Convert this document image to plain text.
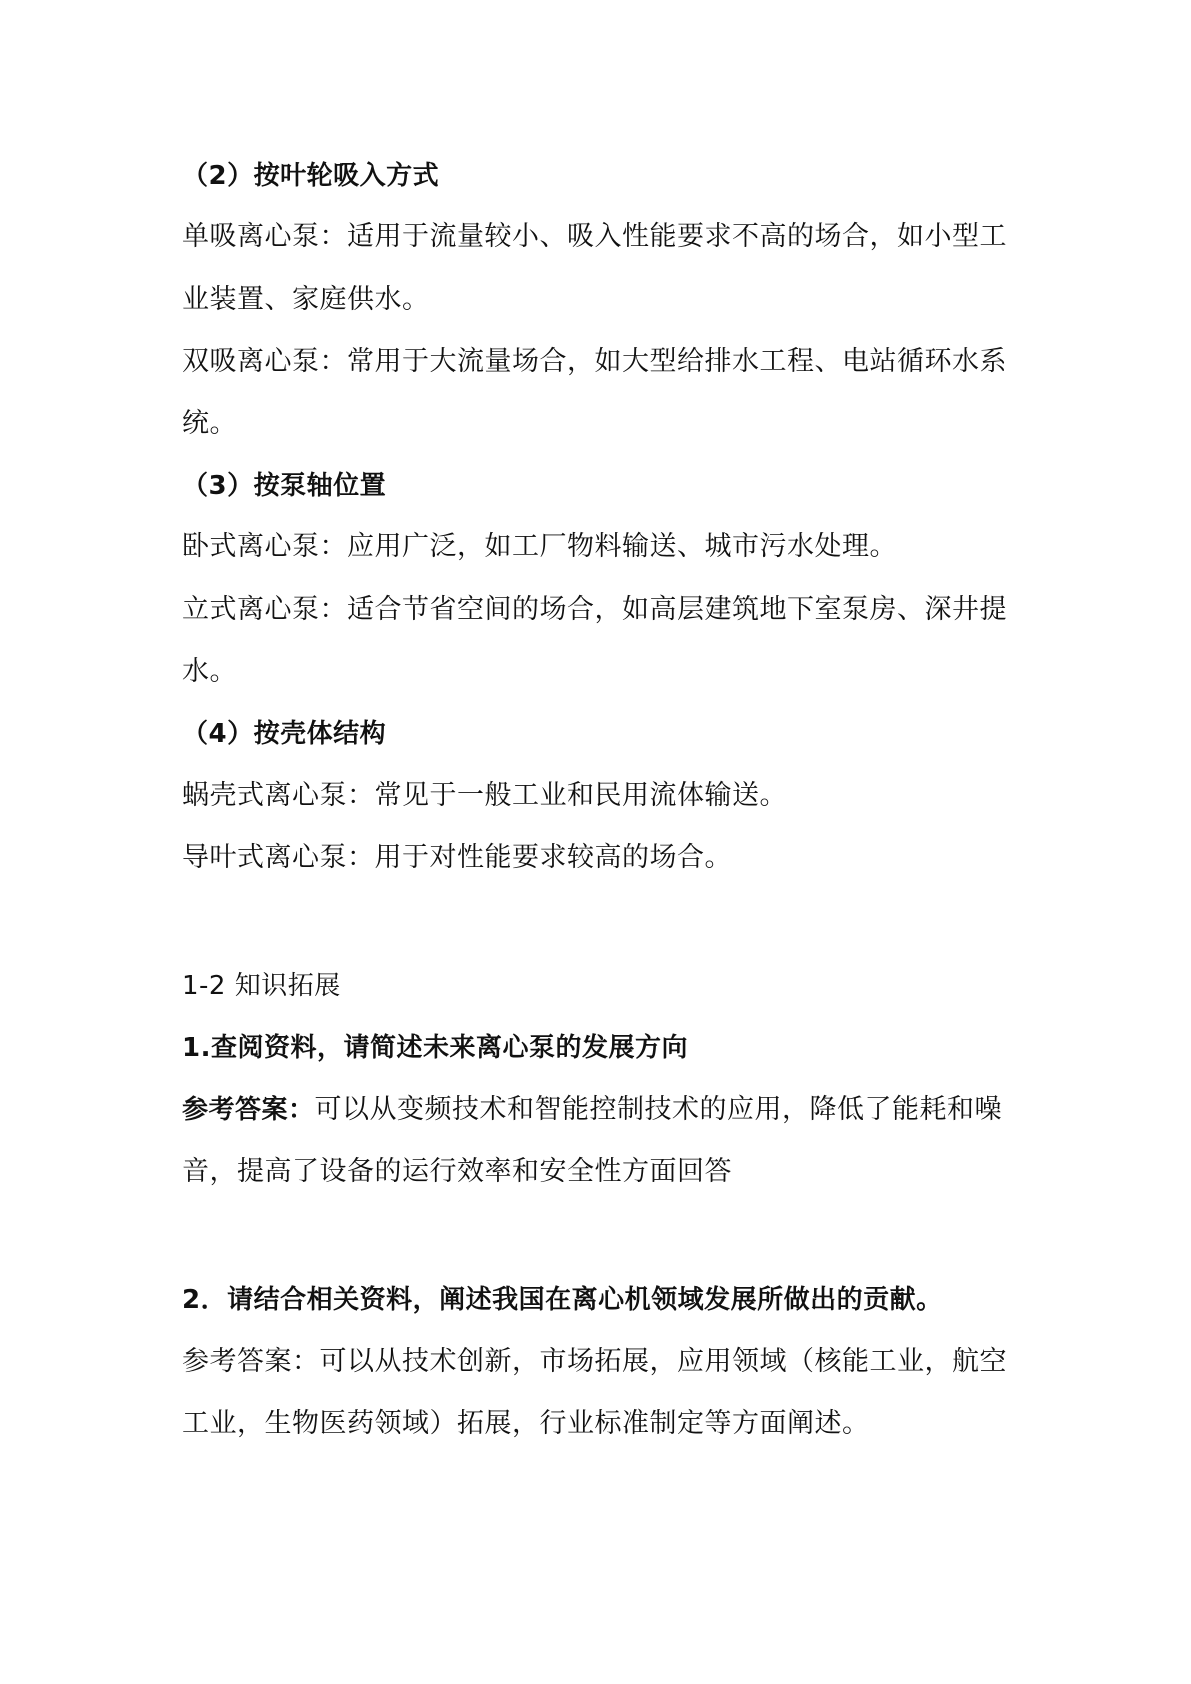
（2）按叶轮吸入方式
单吸离心泵：适用于流量较小、吸入性能要求不高的场合，如小型工
业装置、家庭供水。
双吸离心泵：常用于大流量场合，如大型给排水工程、电站循环水系
统。
（3）按泵轴位置
卧式离心泵：应用广泛，如工厂物料输送、城市污水处理。
立式离心泵：适合节省空间的场合，如高层建筑地下室泵房、深井提
水。
（4）按壳体结构
蜗壳式离心泵：常见于一般工业和民用流体输送。
导叶式离心泵：用于对性能要求较高的场合。
1-2 知识拓展
1.查阅资料，请简述未来离心泵的发展方向
参考答案：可以从变频技术和智能控制技术的应用，降低了能耗和噪
音，提高了设备的运行效率和安全性方面回答
2．请结合相关资料，阐述我国在离心机领域发展所做出的贡献。
参考答案：可以从技术创新，市场拓展，应用领域（核能工业，航空
工业，生物医药领域）拓展，行业标准制定等方面阐述。
